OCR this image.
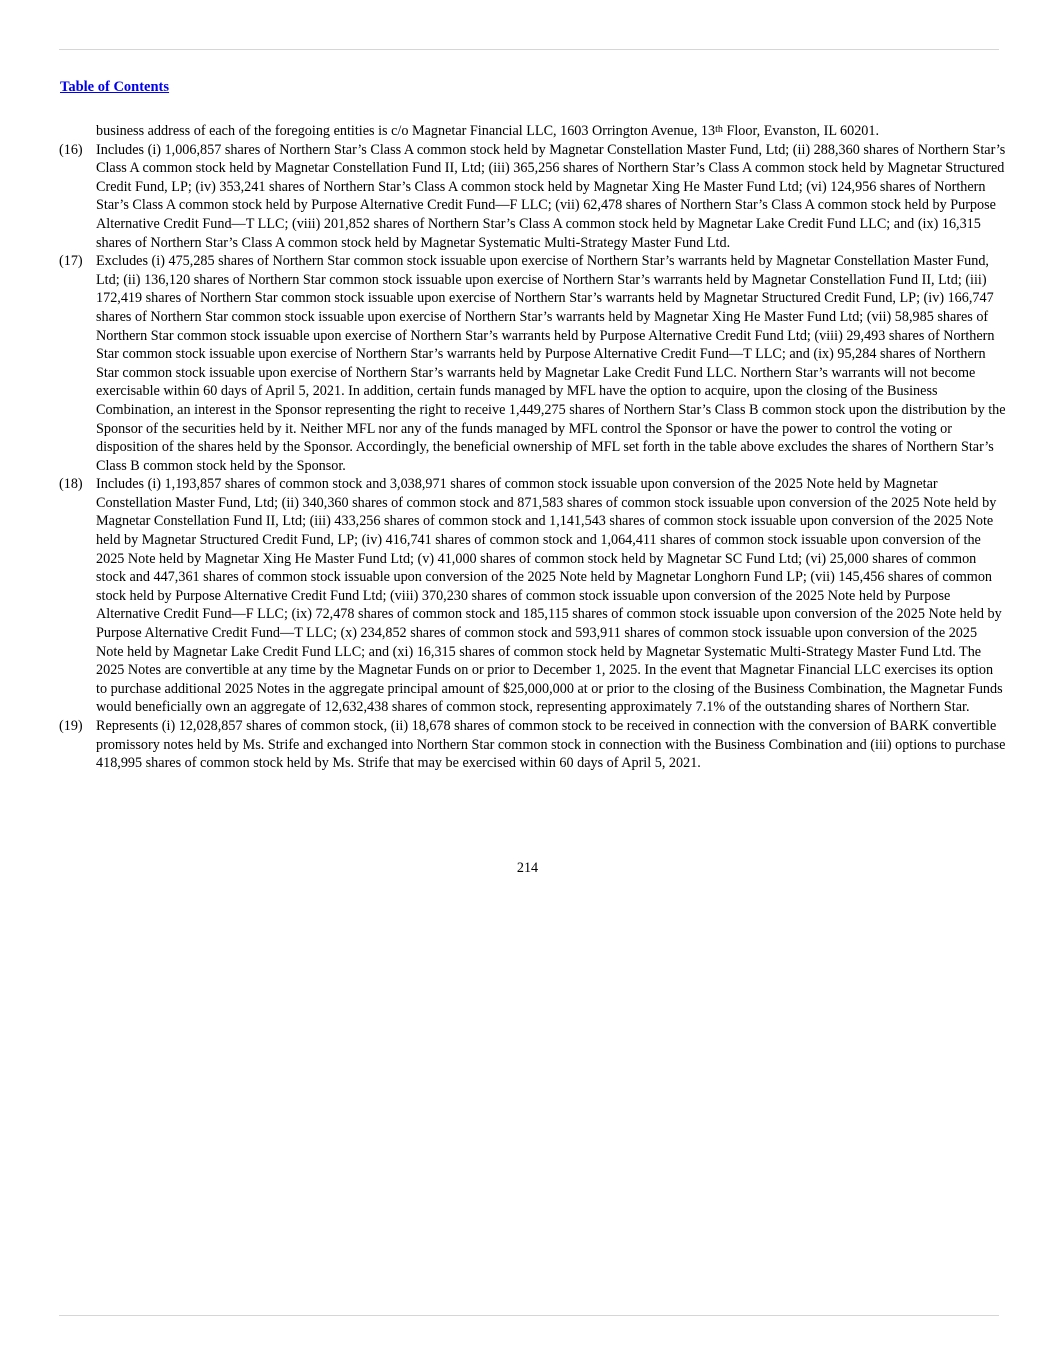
Table of Contents

business address of each of the foregoing entities is c/o Magnetar Financial LLC, 1603 Orrington Avenue, 13th Floor, Evanston, IL 60201.

(16) Includes (i) 1,006,857 shares of Northern Star’s Class A common stock held by Magnetar Constellation Master Fund, Ltd; (ii) 288,360 shares of Northern Star’s Class A common stock held by Magnetar Constellation Fund II, Ltd; (iii) 365,256 shares of Northern Star’s Class A common stock held by Magnetar Structured Credit Fund, LP; (iv) 353,241 shares of Northern Star’s Class A common stock held by Magnetar Xing He Master Fund Ltd; (vi) 124,956 shares of Northern Star’s Class A common stock held by Purpose Alternative Credit Fund—F LLC; (vii) 62,478 shares of Northern Star’s Class A common stock held by Purpose Alternative Credit Fund—T LLC; (viii) 201,852 shares of Northern Star’s Class A common stock held by Magnetar Lake Credit Fund LLC; and (ix) 16,315 shares of Northern Star’s Class A common stock held by Magnetar Systematic Multi-Strategy Master Fund Ltd.
(17) Excludes (i) 475,285 shares of Northern Star common stock issuable upon exercise of Northern Star’s warrants held by Magnetar Constellation Master Fund, Ltd; (ii) 136,120 shares of Northern Star common stock issuable upon exercise of Northern Star’s warrants held by Magnetar Constellation Fund II, Ltd; (iii) 172,419 shares of Northern Star common stock issuable upon exercise of Northern Star’s warrants held by Magnetar Structured Credit Fund, LP; (iv) 166,747 shares of Northern Star common stock issuable upon exercise of Northern Star’s warrants held by Magnetar Xing He Master Fund Ltd; (vii) 58,985 shares of Northern Star common stock issuable upon exercise of Northern Star’s warrants held by Purpose Alternative Credit Fund Ltd; (viii) 29,493 shares of Northern Star common stock issuable upon exercise of Northern Star’s warrants held by Purpose Alternative Credit Fund—T LLC; and (ix) 95,284 shares of Northern Star common stock issuable upon exercise of Northern Star’s warrants held by Magnetar Lake Credit Fund LLC. Northern Star’s warrants will not become exercisable within 60 days of April 5, 2021. In addition, certain funds managed by MFL have the option to acquire, upon the closing of the Business Combination, an interest in the Sponsor representing the right to receive 1,449,275 shares of Northern Star’s Class B common stock upon the distribution by the Sponsor of the securities held by it. Neither MFL nor any of the funds managed by MFL control the Sponsor or have the power to control the voting or disposition of the shares held by the Sponsor. Accordingly, the beneficial ownership of MFL set forth in the table above excludes the shares of Northern Star’s Class B common stock held by the Sponsor.
(18) Includes (i) 1,193,857 shares of common stock and 3,038,971 shares of common stock issuable upon conversion of the 2025 Note held by Magnetar Constellation Master Fund, Ltd; (ii) 340,360 shares of common stock and 871,583 shares of common stock issuable upon conversion of the 2025 Note held by Magnetar Constellation Fund II, Ltd; (iii) 433,256 shares of common stock and 1,141,543 shares of common stock issuable upon conversion of the 2025 Note held by Magnetar Structured Credit Fund, LP; (iv) 416,741 shares of common stock and 1,064,411 shares of common stock issuable upon conversion of the 2025 Note held by Magnetar Xing He Master Fund Ltd; (v) 41,000 shares of common stock held by Magnetar SC Fund Ltd; (vi) 25,000 shares of common stock and 447,361 shares of common stock issuable upon conversion of the 2025 Note held by Magnetar Longhorn Fund LP; (vii) 145,456 shares of common stock held by Purpose Alternative Credit Fund Ltd; (viii) 370,230 shares of common stock issuable upon conversion of the 2025 Note held by Purpose Alternative Credit Fund—F LLC; (ix) 72,478 shares of common stock and 185,115 shares of common stock issuable upon conversion of the 2025 Note held by Purpose Alternative Credit Fund—T LLC; (x) 234,852 shares of common stock and 593,911 shares of common stock issuable upon conversion of the 2025 Note held by Magnetar Lake Credit Fund LLC; and (xi) 16,315 shares of common stock held by Magnetar Systematic Multi-Strategy Master Fund Ltd. The 2025 Notes are convertible at any time by the Magnetar Funds on or prior to December 1, 2025. In the event that Magnetar Financial LLC exercises its option to purchase additional 2025 Notes in the aggregate principal amount of $25,000,000 at or prior to the closing of the Business Combination, the Magnetar Funds would beneficially own an aggregate of 12,632,438 shares of common stock, representing approximately 7.1% of the outstanding shares of Northern Star.
(19) Represents (i) 12,028,857 shares of common stock, (ii) 18,678 shares of common stock to be received in connection with the conversion of BARK convertible promissory notes held by Ms. Strife and exchanged into Northern Star common stock in connection with the Business Combination and (iii) options to purchase 418,995 shares of common stock held by Ms. Strife that may be exercised within 60 days of April 5, 2021.
214
